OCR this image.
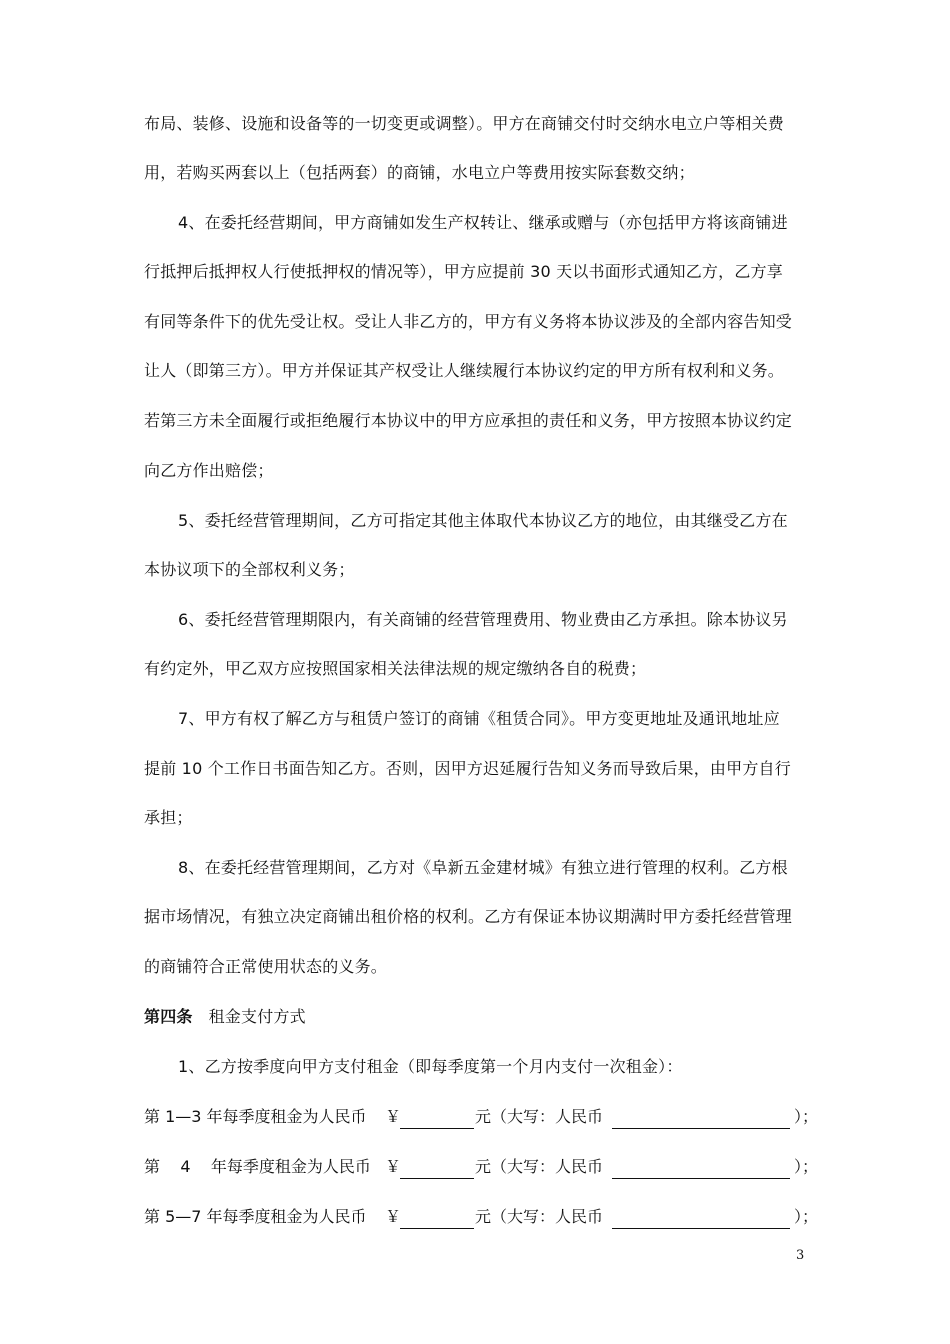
布局、装修、设施和设备等的一切变更或调整）。甲方在商铺交付时交纳水电立户等相关费
用，若购买两套以上（包括两套）的商铺，水电立户等费用按实际套数交纳；
4、在委托经营期间，甲方商铺如发生产权转让、继承或赠与（亦包括甲方将该商铺进
行抵押后抵押权人行使抵押权的情况等），甲方应提前 30 天以书面形式通知乙方，乙方享
有同等条件下的优先受让权。受让人非乙方的，甲方有义务将本协议涉及的全部内容告知受
让人（即第三方）。甲方并保证其产权受让人继续履行本协议约定的甲方所有权利和义务。
若第三方未全面履行或拒绝履行本协议中的甲方应承担的责任和义务，甲方按照本协议约定
向乙方作出赔偿；
5、委托经营管理期间，乙方可指定其他主体取代本协议乙方的地位，由其继受乙方在
本协议项下的全部权利义务；
6、委托经营管理期限内，有关商铺的经营管理费用、物业费由乙方承担。除本协议另
有约定外，甲乙双方应按照国家相关法律法规的规定缴纳各自的税费；
7、甲方有权了解乙方与租赁户签订的商铺《租赁合同》。甲方变更地址及通讯地址应
提前 10 个工作日书面告知乙方。否则，因甲方迟延履行告知义务而导致后果，由甲方自行
承担；
8、在委托经营管理期间，乙方对《阜新五金建材城》有独立进行管理的权利。乙方根
据市场情况，有独立决定商铺出租价格的权利。乙方有保证本协议期满时甲方委托经营管理
的商铺符合正常使用状态的义务。
第四条 租金支付方式
1、乙方按季度向甲方支付租金（即每季度第一个月内支付一次租金）：
第 1—3 年每季度租金为人民币 ￥	元（大写：人民币	）；
第    4    年每季度租金为人民币 ￥	元（大写：人民币	）；
第 5—7 年每季度租金为人民币 ￥	元（大写：人民币	）；
3
